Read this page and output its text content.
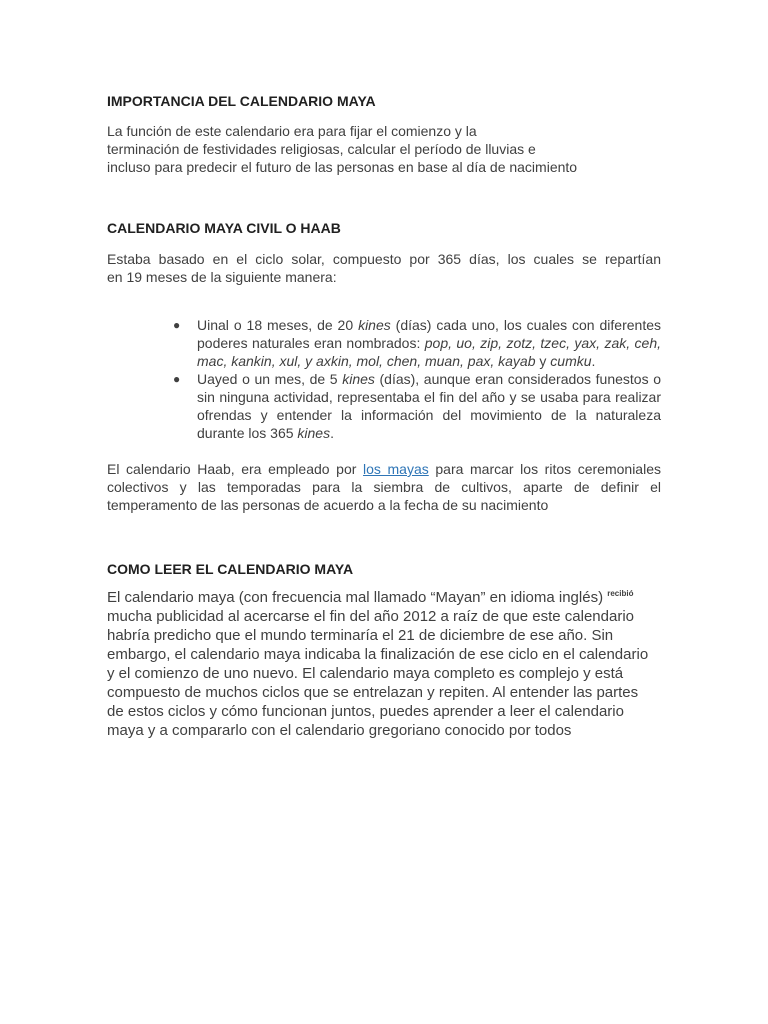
IMPORTANCIA DEL CALENDARIO MAYA

La función de este calendario era para fijar el comienzo y la
terminación de festividades religiosas, calcular el período de lluvias e
incluso para predecir el futuro de las personas en base al día de nacimiento

CALENDARIO MAYA CIVIL O HAAB

Estaba basado en el ciclo solar, compuesto por 365 días, los cuales se repartían
en 19 meses de la siguiente manera:

● Uinal o 18 meses, de 20 kines (días) cada uno, los cuales con diferentes poderes naturales eran nombrados: pop, uo, zip, zotz, tzec, yax, zak, ceh, mac, kankin, xul, y axkin, mol, chen, muan, pax, kayab y cumku.
● Uayed o un mes, de 5 kines (días), aunque eran considerados funestos o sin ninguna actividad, representaba el fin del año y se usaba para realizar ofrendas y entender la información del movimiento de la naturaleza durante los 365 kines.

El calendario Haab, era empleado por los mayas para marcar los ritos ceremoniales colectivos y las temporadas para la siembra de cultivos, aparte de definir el temperamento de las personas de acuerdo a la fecha de su nacimiento

COMO LEER EL CALENDARIO MAYA

El calendario maya (con frecuencia mal llamado “Mayan” en idioma inglés) $^{recibió}$
mucha publicidad al acercarse el fin del año 2012 a raíz de que este calendario
habría predicho que el mundo terminaría el 21 de diciembre de ese año. Sin
embargo, el calendario maya indicaba la finalización de ese ciclo en el calendario
y el comienzo de uno nuevo. El calendario maya completo es complejo y está
compuesto de muchos ciclos que se entrelazan y repiten. Al entender las partes
de estos ciclos y cómo funcionan juntos, puedes aprender a leer el calendario
maya y a compararlo con el calendario gregoriano conocido por todos
